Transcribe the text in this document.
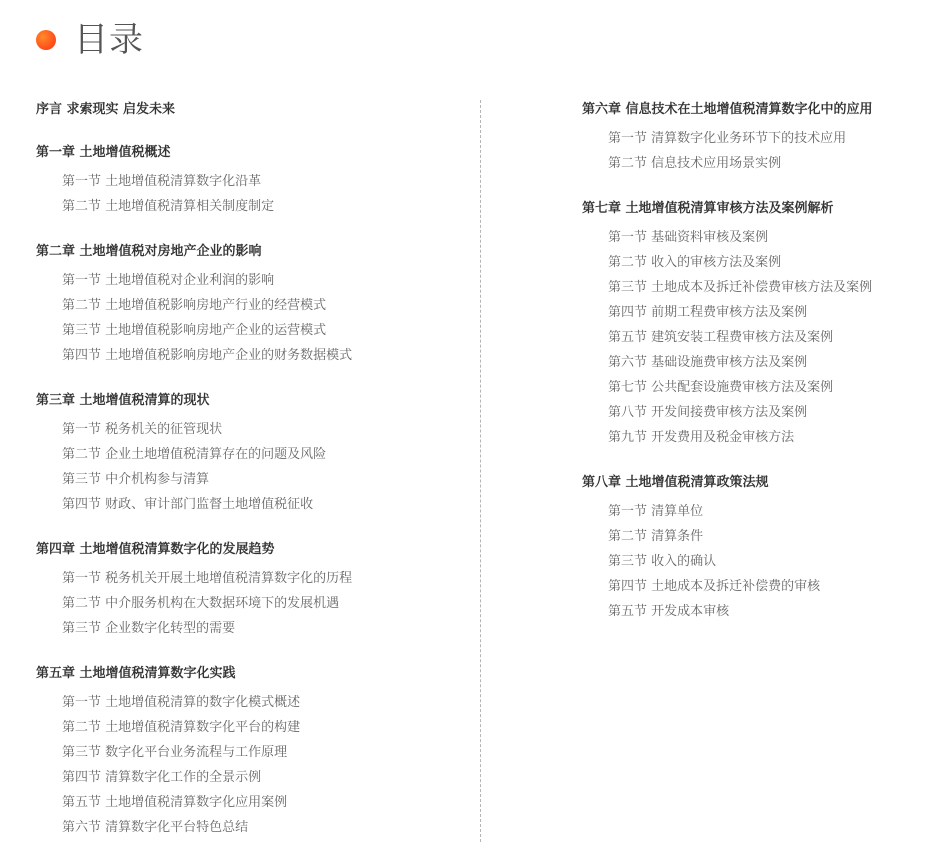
目录
序言 求索现实 启发未来
第一章 土地增值税概述
第一节 土地增值税清算数字化沿革
第二节 土地增值税清算相关制度制定
第二章 土地增值税对房地产企业的影响
第一节 土地增值税对企业利润的影响
第二节 土地增值税影响房地产行业的经营模式
第三节 土地增值税影响房地产企业的运营模式
第四节 土地增值税影响房地产企业的财务数据模式
第三章 土地增值税清算的现状
第一节 税务机关的征管现状
第二节 企业土地增值税清算存在的问题及风险
第三节 中介机构参与清算
第四节 财政、审计部门监督土地增值税征收
第四章 土地增值税清算数字化的发展趋势
第一节 税务机关开展土地增值税清算数字化的历程
第二节 中介服务机构在大数据环境下的发展机遇
第三节 企业数字化转型的需要
第五章 土地增值税清算数字化实践
第一节 土地增值税清算的数字化模式概述
第二节 土地增值税清算数字化平台的构建
第三节 数字化平台业务流程与工作原理
第四节 清算数字化工作的全景示例
第五节 土地增值税清算数字化应用案例
第六节 清算数字化平台特色总结
第六章 信息技术在土地增值税清算数字化中的应用
第一节 清算数字化业务环节下的技术应用
第二节 信息技术应用场景实例
第七章 土地增值税清算审核方法及案例解析
第一节 基础资料审核及案例
第二节 收入的审核方法及案例
第三节 土地成本及拆迁补偿费审核方法及案例
第四节 前期工程费审核方法及案例
第五节 建筑安装工程费审核方法及案例
第六节 基础设施费审核方法及案例
第七节 公共配套设施费审核方法及案例
第八节 开发间接费审核方法及案例
第九节 开发费用及税金审核方法
第八章 土地增值税清算政策法规
第一节 清算单位
第二节 清算条件
第三节 收入的确认
第四节 土地成本及拆迁补偿费的审核
第五节 开发成本审核
